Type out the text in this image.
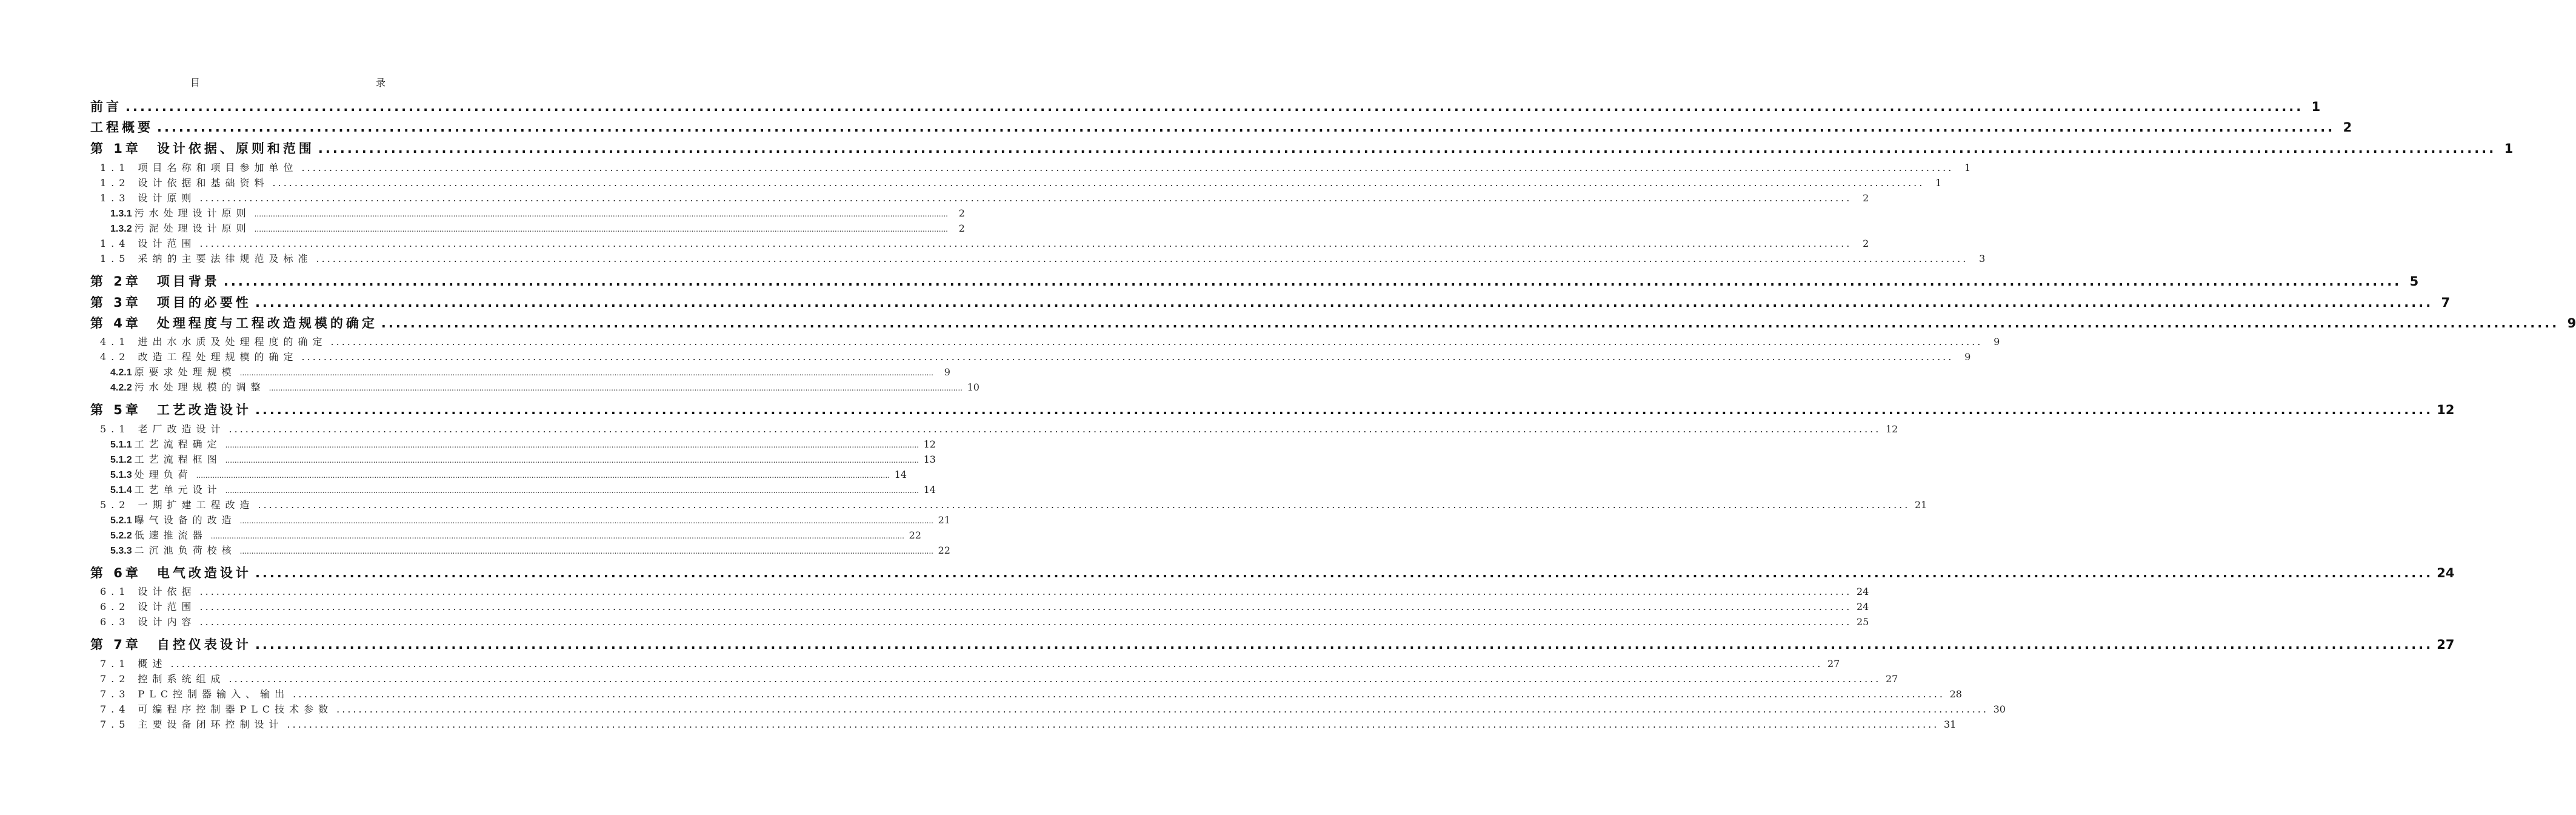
目　　录
前言 ............................................................................................................................................................................................................................................................................................................ 1
工程概要 ............................................................................................................................................................................................................................................................................................................ 2
第 1章　设计依据、原则和范围 ............................................................................................................................................................................................................................................................................................................ 1
1.1 项目名称和项目参加单位 ............................................................................................................................................................................................................................................................................................................	1
1.2 设计依据和基础资料 ............................................................................................................................................................................................................................................................................................................	1
1.3 设计原则 ............................................................................................................................................................................................................................................................................................................	2
1.3.1 污水处理设计原则 ............................................................................................................................................................................................................................................................................................................	2
1.3.2 污泥处理设计原则 ............................................................................................................................................................................................................................................................................................................	2
1.4 设计范围 ............................................................................................................................................................................................................................................................................................................	2
1.5 采纳的主要法律规范及标准 ............................................................................................................................................................................................................................................................................................................	3
第 2章　项目背景 ............................................................................................................................................................................................................................................................................................................ 5
第 3章　项目的必要性 ............................................................................................................................................................................................................................................................................................................ 7
第 4章　处理程度与工程改造规模的确定 ............................................................................................................................................................................................................................................................................................................ 9
4.1 进出水水质及处理程度的确定 ............................................................................................................................................................................................................................................................................................................	9
4.2 改造工程处理规模的确定 ............................................................................................................................................................................................................................................................................................................	9
4.2.1 原要求处理规模 ............................................................................................................................................................................................................................................................................................................	9
4.2.2 污水处理规模的调整 ............................................................................................................................................................................................................................................................................................................ 10
第 5章　工艺改造设计 ............................................................................................................................................................................................................................................................................................................ 12
5.1 老厂改造设计 ............................................................................................................................................................................................................................................................................................................ 12
5.1.1 工艺流程确定 ............................................................................................................................................................................................................................................................................................................ 12
5.1.2 工艺流程框图 ............................................................................................................................................................................................................................................................................................................ 13
5.1.3 处理负荷 ............................................................................................................................................................................................................................................................................................................ 14
5.1.4 工艺单元设计 ............................................................................................................................................................................................................................................................................................................ 14
5.2 一期扩建工程改造 ............................................................................................................................................................................................................................................................................................................ 21
5.2.1 曝气设备的改造 ............................................................................................................................................................................................................................................................................................................ 21
5.2.2 低速推流器 ............................................................................................................................................................................................................................................................................................................ 22
5.3.3 二沉池负荷校核 ............................................................................................................................................................................................................................................................................................................ 22
第 6章　电气改造设计 ............................................................................................................................................................................................................................................................................................................ 24
6.1 设计依据 ............................................................................................................................................................................................................................................................................................................ 24
6.2 设计范围 ............................................................................................................................................................................................................................................................................................................ 24
6.3 设计内容 ............................................................................................................................................................................................................................................................................................................ 25
第 7章　自控仪表设计 ............................................................................................................................................................................................................................................................................................................ 27
7.1 概述 ............................................................................................................................................................................................................................................................................................................ 27
7.2 控制系统组成 ............................................................................................................................................................................................................................................................................................................ 27
7.3 PLC控制器输入、输出 ............................................................................................................................................................................................................................................................................................................ 28
7.4 可编程序控制器PLC技术参数 ............................................................................................................................................................................................................................................................................................................ 30
7.5 主要设备闭环控制设计 ............................................................................................................................................................................................................................................................................................................ 31
